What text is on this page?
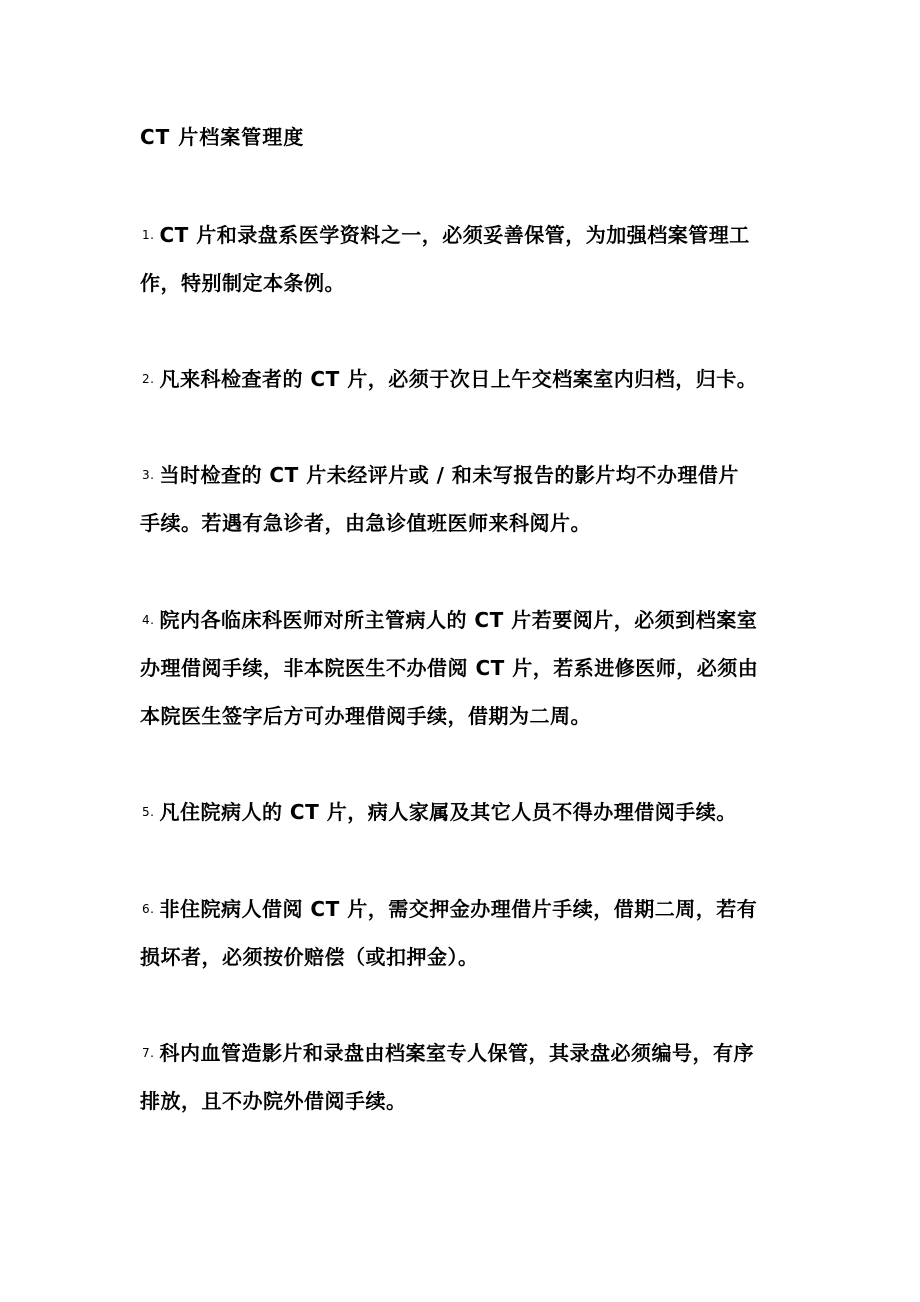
CT 片档案管理度
1. CT 片和录盘系医学资料之一，必须妥善保管，为加强档案管理工
作，特别制定本条例。
2. 凡来科检查者的 CT 片，必须于次日上午交档案室内归档，归卡。
3. 当时检查的 CT 片未经评片或 / 和未写报告的影片均不办理借片
手续。若遇有急诊者，由急诊值班医师来科阅片。
4. 院内各临床科医师对所主管病人的 CT 片若要阅片，必须到档案室
办理借阅手续，非本院医生不办借阅 CT 片，若系进修医师，必须由
本院医生签字后方可办理借阅手续，借期为二周。
5. 凡住院病人的 CT 片，病人家属及其它人员不得办理借阅手续。
6. 非住院病人借阅 CT 片，需交押金办理借片手续，借期二周，若有
损坏者，必须按价赔偿（或扣押金）。
7. 科内血管造影片和录盘由档案室专人保管，其录盘必须编号，有序
排放，且不办院外借阅手续。
